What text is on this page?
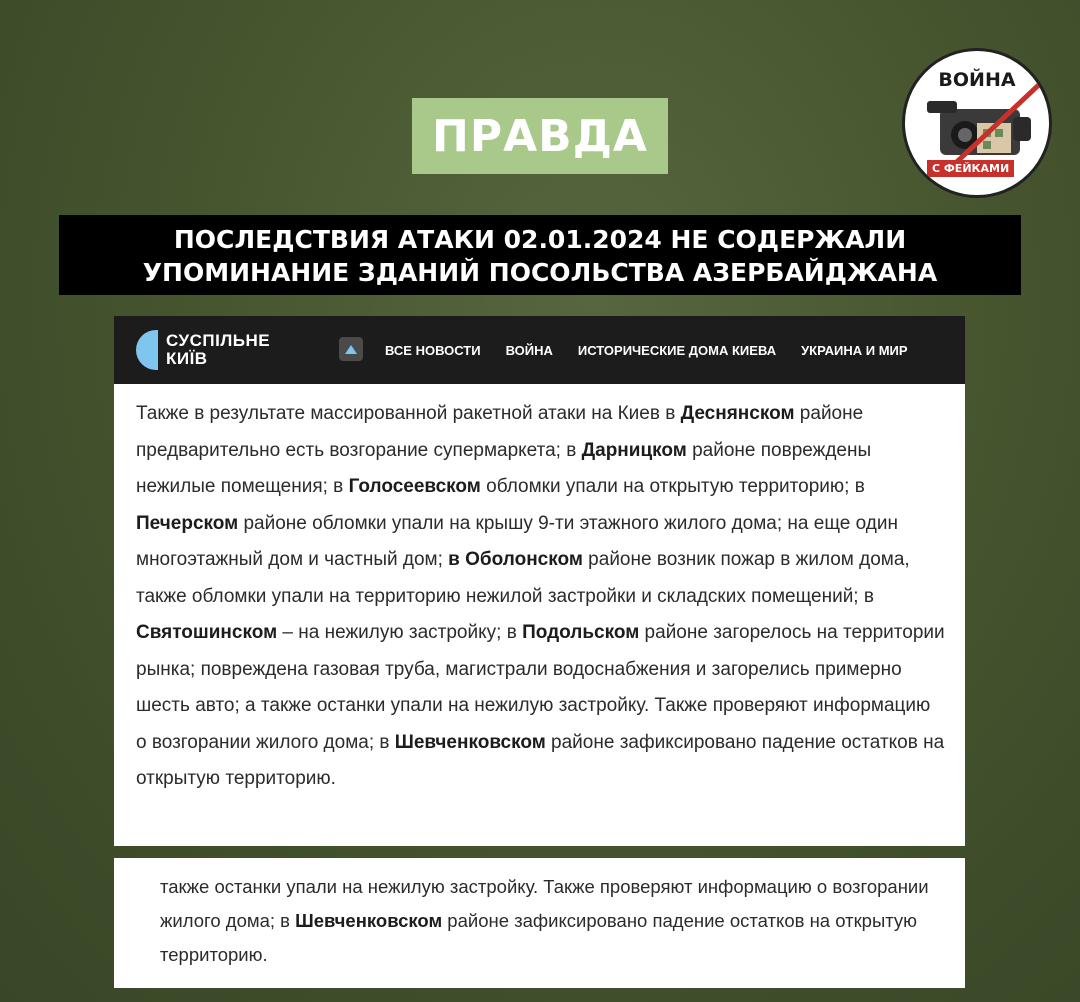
ПРАВДА
ПОСЛЕДСТВИЯ АТАКИ 02.01.2024 НЕ СОДЕРЖАЛИ
УПОМИНАНИЕ ЗДАНИЙ ПОСОЛЬСТВА АЗЕРБАЙДЖАНА
ВОЙНА
С ФЕЙКАМИ
СУСПІЛЬНЕ
КИЇВ	ВСЕ НОВОСТИ ВОЙНА ИСТОРИЧЕСКИЕ ДОМА КИЕВА УКРАИНА И МИР
Также в результате массированной ракетной атаки на Киев в Деснянском районе предварительно есть возгорание супермаркета; в Дарницком районе повреждены нежилые помещения; в Голосеевском обломки упали на открытую территорию; в Печерском районе обломки упали на крышу 9-ти этажного жилого дома; на еще один многоэтажный дом и частный дом; в Оболонском районе возник пожар в жилом дома, также обломки упали на территорию нежилой застройки и складских помещений; в Святошинском – на нежилую застройку; в Подольском районе загорелось на территории рынка; повреждена газовая труба, магистрали водоснабжения и загорелись примерно шесть авто; а также останки упали на нежилую застройку. Также проверяют информацию о возгорании жилого дома; в Шевченковском районе зафиксировано падение остатков на открытую территорию.
также останки упали на нежилую застройку. Также проверяют информацию о возгорании жилого дома; в Шевченковском районе зафиксировано падение остатков на открытую территорию.
